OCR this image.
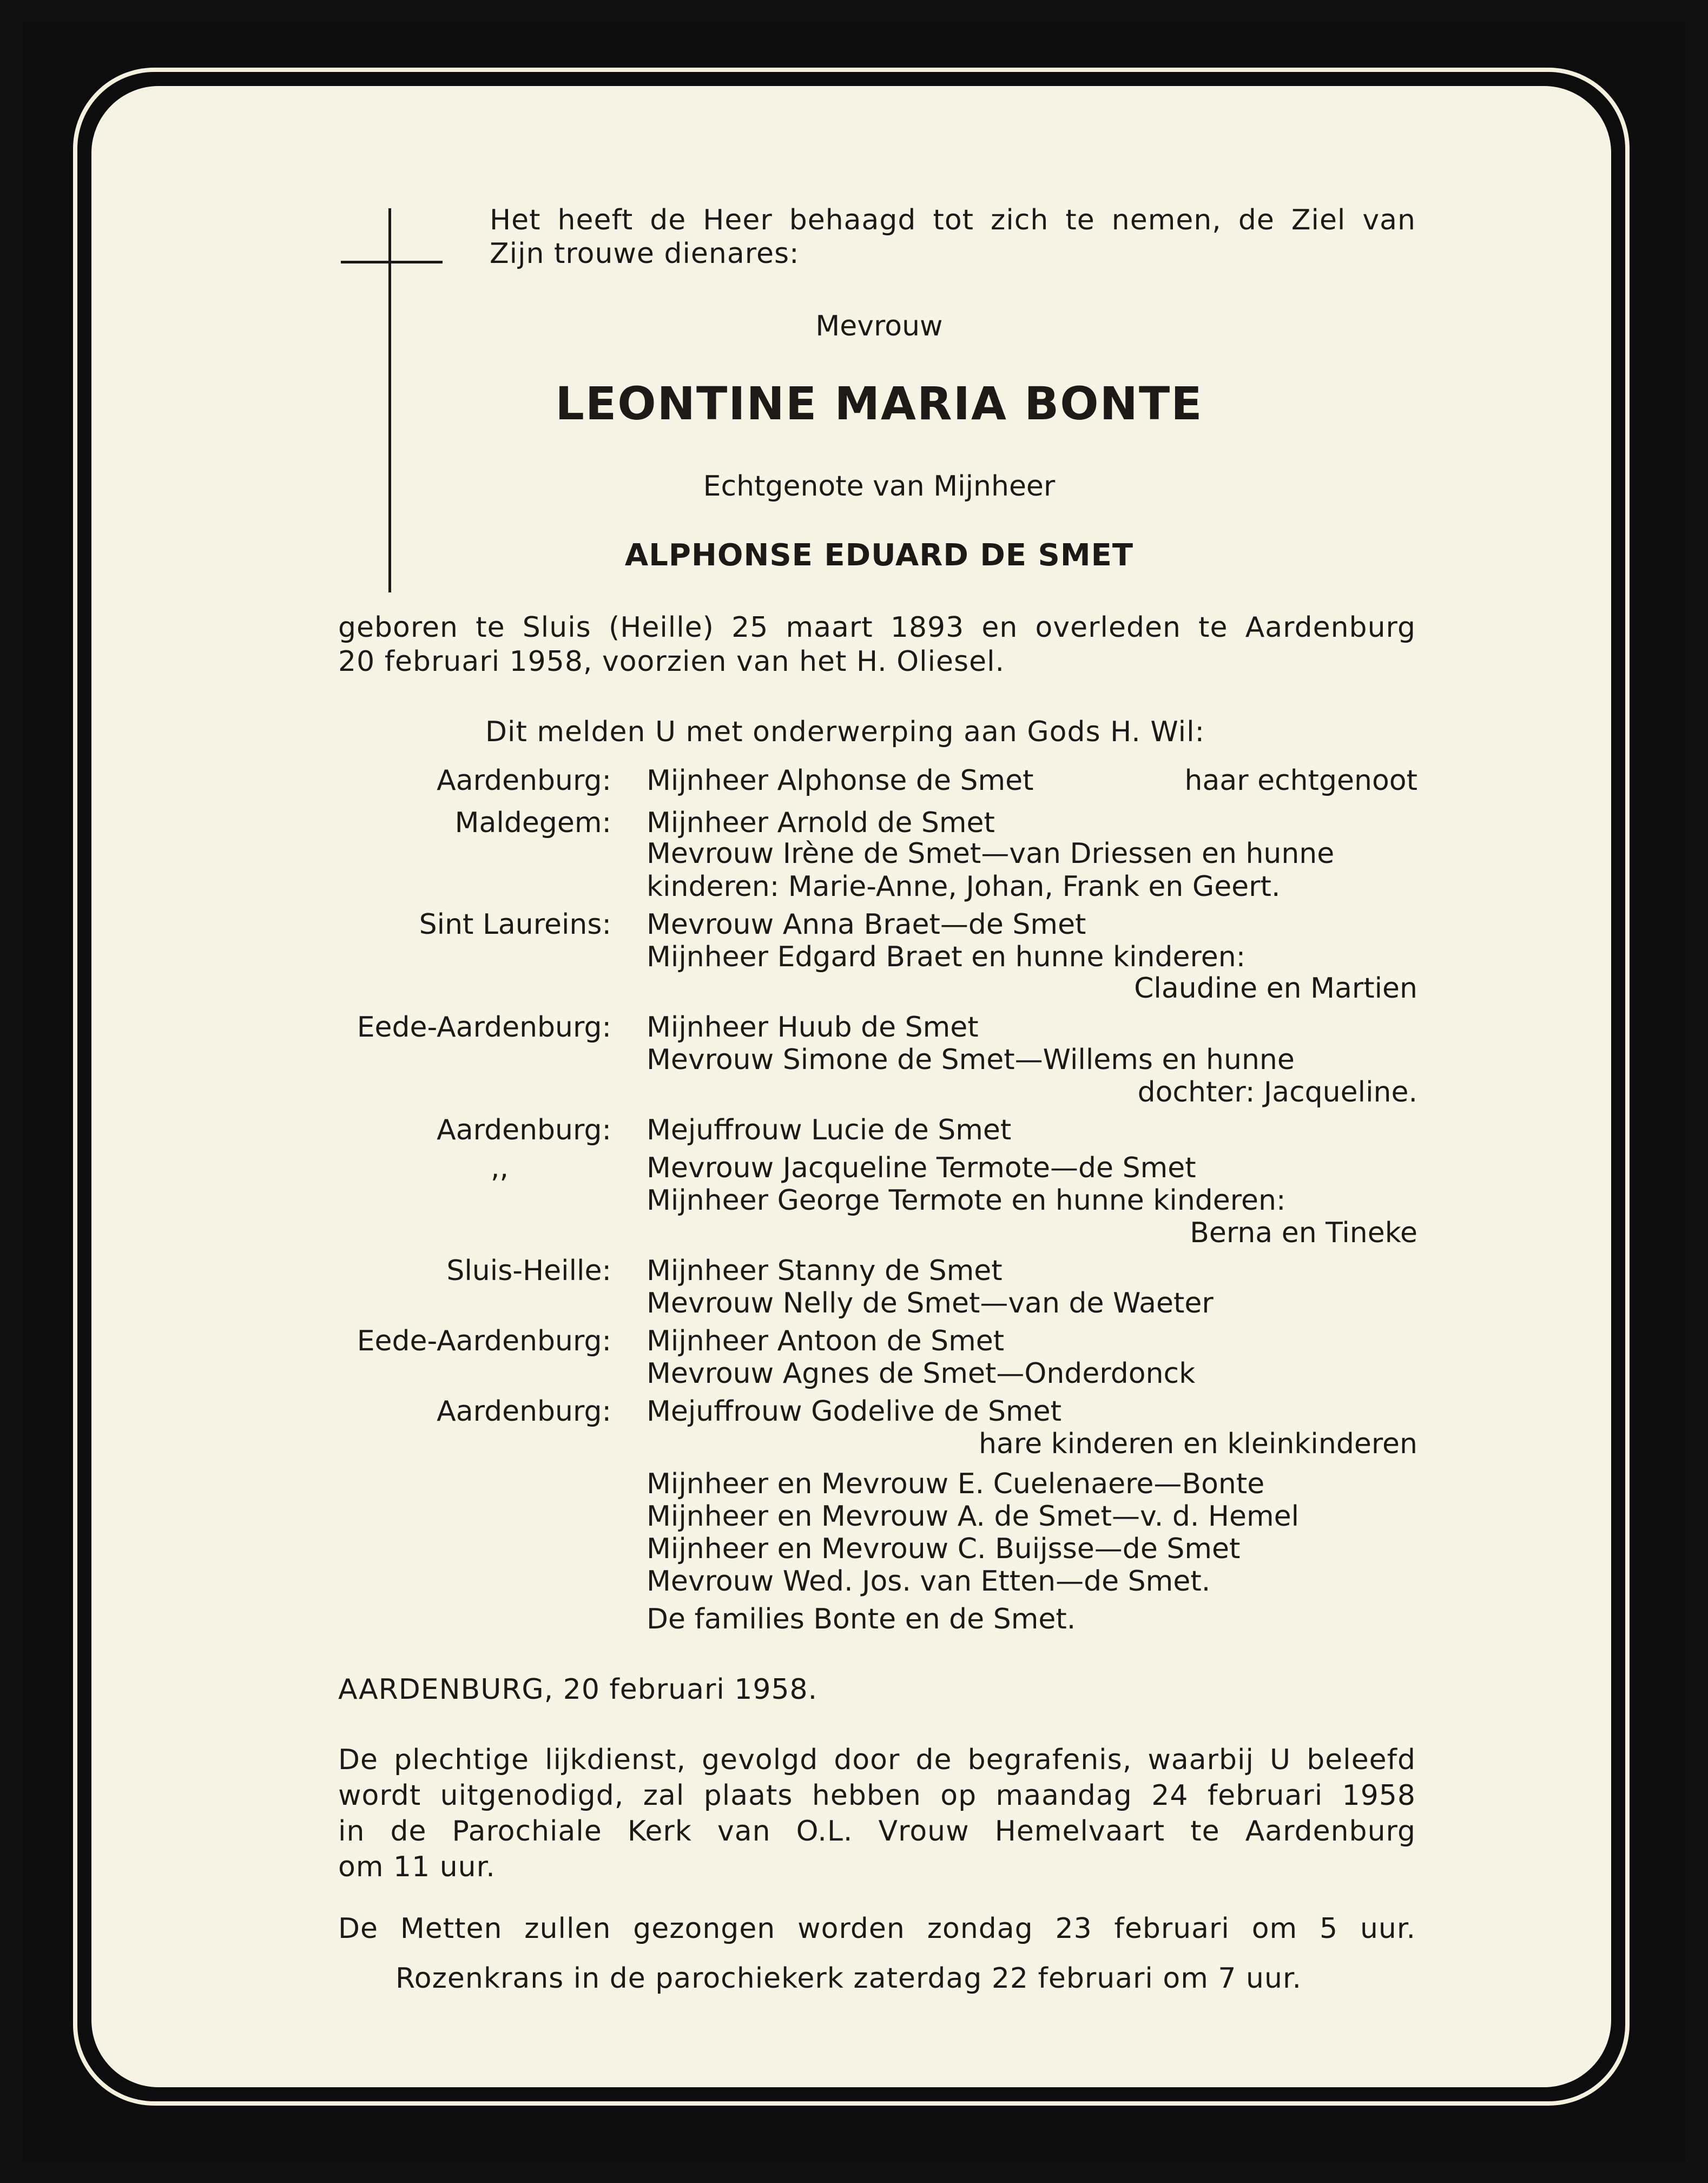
Het heeft de Heer behaagd tot zich te nemen, de Ziel van
Zijn trouwe dienares:
Mevrouw
LEONTINE MARIA BONTE
Echtgenote van Mijnheer
ALPHONSE EDUARD DE SMET
geboren te Sluis (Heille) 25 maart 1893 en overleden te Aardenburg
20 februari 1958, voorzien van het H. Oliesel.
Dit melden U met onderwerping aan Gods H. Wil:
Aardenburg: Mijnheer Alphonse de Smet	haar echtgenoot
Maldegem: Mijnheer Arnold de Smet
Mevrouw Irène de Smet—van Driessen en hunne
kinderen: Marie-Anne, Johan, Frank en Geert.
Sint Laureins: Mevrouw Anna Braet—de Smet
Mijnheer Edgard Braet en hunne kinderen:
Claudine en Martien
Eede-Aardenburg: Mijnheer Huub de Smet
Mevrouw Simone de Smet—Willems en hunne
dochter: Jacqueline.
Aardenburg: Mejuffrouw Lucie de Smet
,,	Mevrouw Jacqueline Termote—de Smet
Mijnheer George Termote en hunne kinderen:
Berna en Tineke
Sluis-Heille: Mijnheer Stanny de Smet
Mevrouw Nelly de Smet—van de Waeter
Eede-Aardenburg: Mijnheer Antoon de Smet
Mevrouw Agnes de Smet—Onderdonck
Aardenburg: Mejuffrouw Godelive de Smet
hare kinderen en kleinkinderen
Mijnheer en Mevrouw E. Cuelenaere—Bonte
Mijnheer en Mevrouw A. de Smet—v. d. Hemel
Mijnheer en Mevrouw C. Buijsse—de Smet
Mevrouw Wed. Jos. van Etten—de Smet.
De families Bonte en de Smet.
AARDENBURG, 20 februari 1958.
De plechtige lijkdienst, gevolgd door de begrafenis, waarbij U beleefd
wordt uitgenodigd, zal plaats hebben op maandag 24 februari 1958
in de Parochiale Kerk van O.L. Vrouw Hemelvaart te Aardenburg
om 11 uur.
De Metten zullen gezongen worden zondag 23 februari om 5 uur.
Rozenkrans in de parochiekerk zaterdag 22 februari om 7 uur.
